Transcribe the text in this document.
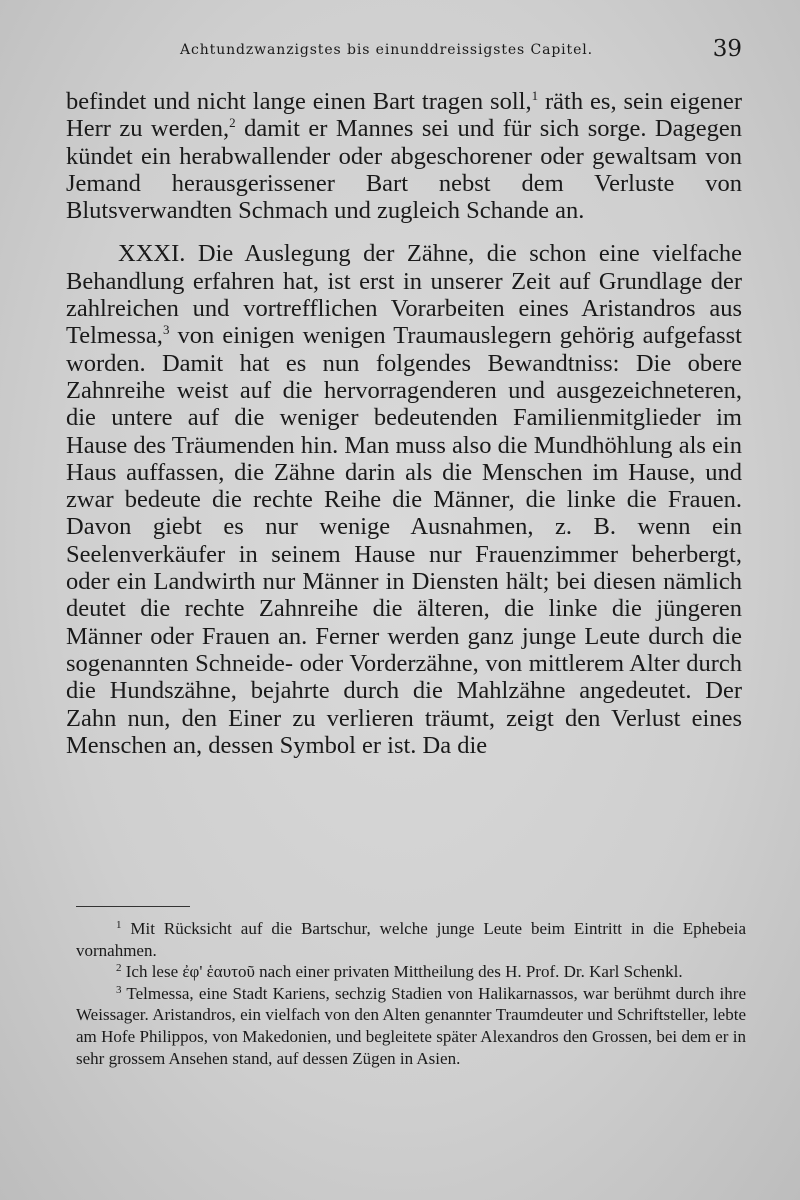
Achtundzwanzigstes bis einunddreissigstes Capitel.	39

befindet und nicht lange einen Bart tragen soll,$^1$ räth es, sein eigener Herr zu werden,$^2$ damit er Mannes sei und für sich sorge. Dagegen kündet ein herabwallender oder abgeschorener oder gewaltsam von Jemand herausgerissener Bart nebst dem Verluste von Blutsverwandten Schmach und zugleich Schande an.

XXXI. Die Auslegung der Zähne, die schon eine vielfache Behandlung erfahren hat, ist erst in unserer Zeit auf Grundlage der zahlreichen und vortrefflichen Vorarbeiten eines Aristandros aus Telmessa,$^3$ von einigen wenigen Traumauslegern gehörig aufgefasst worden. Damit hat es nun folgendes Bewandtniss: Die obere Zahnreihe weist auf die hervorragenderen und ausgezeichneteren, die untere auf die weniger bedeutenden Familienmitglieder im Hause des Träumenden hin. Man muss also die Mundhöhlung als ein Haus auffassen, die Zähne darin als die Menschen im Hause, und zwar bedeute die rechte Reihe die Männer, die linke die Frauen. Davon giebt es nur wenige Ausnahmen, z. B. wenn ein Seelenverkäufer in seinem Hause nur Frauenzimmer beherbergt, oder ein Landwirth nur Männer in Diensten hält; bei diesen nämlich deutet die rechte Zahnreihe die älteren, die linke die jüngeren Männer oder Frauen an. Ferner werden ganz junge Leute durch die sogenannten Schneide- oder Vorderzähne, von mittlerem Alter durch die Hundszähne, bejahrte durch die Mahlzähne angedeutet. Der Zahn nun, den Einer zu verlieren träumt, zeigt den Verlust eines Menschen an, dessen Symbol er ist. Da die

$^1$ Mit Rücksicht auf die Bartschur, welche junge Leute beim Eintritt in die Ephebeia vornahmen.

$^2$ Ich lese ἐφ' ἑαυτοῦ nach einer privaten Mittheilung des H. Prof. Dr. Karl Schenkl.

$^3$ Telmessa, eine Stadt Kariens, sechzig Stadien von Halikarnassos, war berühmt durch ihre Weissager. Aristandros, ein vielfach von den Alten genannter Traumdeuter und Schriftsteller, lebte am Hofe Philippos, von Makedonien, und begleitete später Alexandros den Grossen, bei dem er in sehr grossem Ansehen stand, auf dessen Zügen in Asien.
